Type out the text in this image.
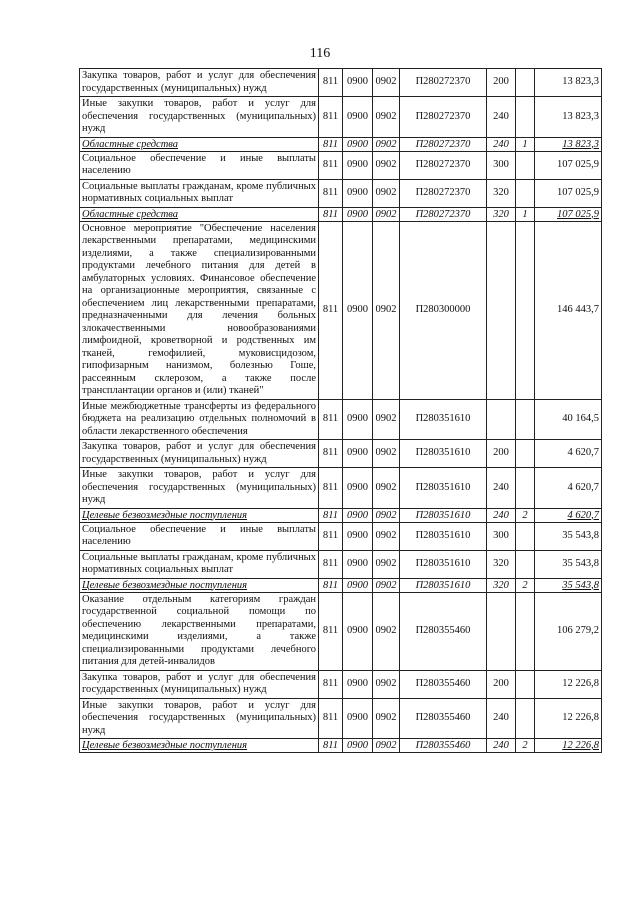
116
Закупка товаров, работ и услуг для обеспечения государственных (муниципальных) нужд	811	0900	0902	П280272370	200		13 823,3
Иные закупки товаров, работ и услуг для обеспечения государственных (муниципальных) нужд	811	0900	0902	П280272370	240		13 823,3
Областные средства	811	0900	0902	П280272370	240	1	13 823,3
Социальное обеспечение и иные выплаты населению	811	0900	0902	П280272370	300		107 025,9
Социальные выплаты гражданам, кроме публичных нормативных социальных выплат	811	0900	0902	П280272370	320		107 025,9
Областные средства	811	0900	0902	П280272370	320	1	107 025,9
Основное мероприятие "Обеспечение населения лекарственными препаратами, медицинскими изделиями, а также специализированными продуктами лечебного питания для детей в амбулаторных условиях. Финансовое обеспечение на организационные мероприятия, связанные с обеспечением лиц лекарственными препаратами, предназначенными для лечения больных злокачественными новообразованиями лимфоидной, кроветворной и родственных им тканей, гемофилией, муковисцидозом, гипофизарным нанизмом, болезнью Гоше, рассеянным склерозом, а также после трансплантации органов и (или) тканей"	811	0900	0902	П280300000			146 443,7
Иные межбюджетные трансферты из федерального бюджета на реализацию отдельных полномочий в области лекарственного обеспечения	811	0900	0902	П280351610			40 164,5
Закупка товаров, работ и услуг для обеспечения государственных (муниципальных) нужд	811	0900	0902	П280351610	200		4 620,7
Иные закупки товаров, работ и услуг для обеспечения государственных (муниципальных) нужд	811	0900	0902	П280351610	240		4 620,7
Целевые безвозмездные поступления	811	0900	0902	П280351610	240	2	4 620,7
Социальное обеспечение и иные выплаты населению	811	0900	0902	П280351610	300		35 543,8
Социальные выплаты гражданам, кроме публичных нормативных социальных выплат	811	0900	0902	П280351610	320		35 543,8
Целевые безвозмездные поступления	811	0900	0902	П280351610	320	2	35 543,8
Оказание отдельным категориям граждан государственной социальной помощи по обеспечению лекарственными препаратами, медицинскими изделиями, а также специализированными продуктами лечебного питания для детей-инвалидов	811	0900	0902	П280355460			106 279,2
Закупка товаров, работ и услуг для обеспечения государственных (муниципальных) нужд	811	0900	0902	П280355460	200		12 226,8
Иные закупки товаров, работ и услуг для обеспечения государственных (муниципальных) нужд	811	0900	0902	П280355460	240		12 226,8
Целевые безвозмездные поступления	811	0900	0902	П280355460	240	2	12 226,8
